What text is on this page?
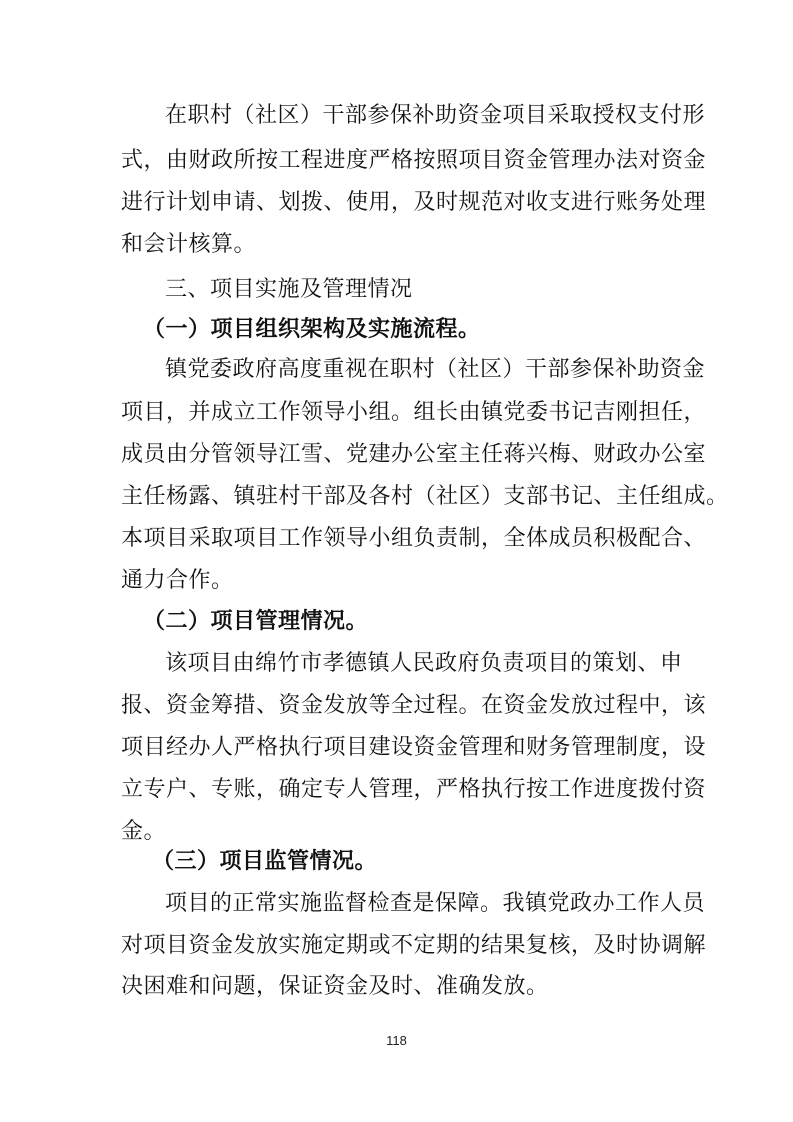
在职村（社区）干部参保补助资金项目采取授权支付形
式，由财政所按工程进度严格按照项目资金管理办法对资金
进行计划申请、划拨、使用，及时规范对收支进行账务处理
和会计核算。
三、项目实施及管理情况
（一）项目组织架构及实施流程。
镇党委政府高度重视在职村（社区）干部参保补助资金
项目，并成立工作领导小组。组长由镇党委书记吉刚担任，
成员由分管领导江雪、党建办公室主任蒋兴梅、财政办公室
主任杨露、镇驻村干部及各村（社区）支部书记、主任组成。
本项目采取项目工作领导小组负责制，全体成员积极配合、
通力合作。
（二）项目管理情况。
该项目由绵竹市孝德镇人民政府负责项目的策划、申
报、资金筹措、资金发放等全过程。在资金发放过程中，该
项目经办人严格执行项目建设资金管理和财务管理制度，设
立专户、专账，确定专人管理，严格执行按工作进度拨付资
金。
（三）项目监管情况。
项目的正常实施监督检查是保障。我镇党政办工作人员
对项目资金发放实施定期或不定期的结果复核，及时协调解
决困难和问题，保证资金及时、准确发放。
118
